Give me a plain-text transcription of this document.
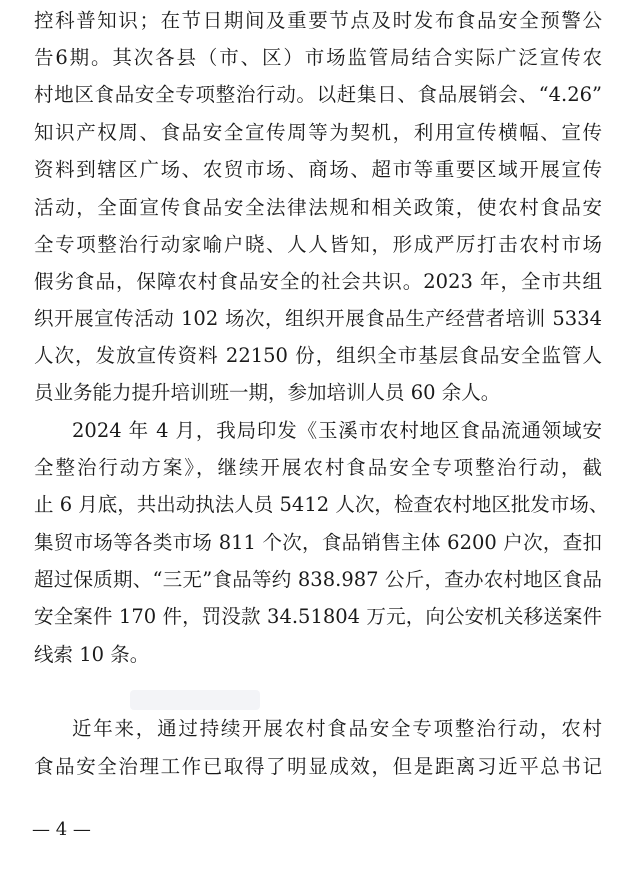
控科普知识；在节日期间及重要节点及时发布食品安全预警公
告6期。其次各县（市、区）市场监管局结合实际广泛宣传农
村地区食品安全专项整治行动。以赶集日、食品展销会、“4.26”
知识产权周、食品安全宣传周等为契机，利用宣传横幅、宣传
资料到辖区广场、农贸市场、商场、超市等重要区域开展宣传
活动，全面宣传食品安全法律法规和相关政策，使农村食品安
全专项整治行动家喻户晓、人人皆知，形成严厉打击农村市场
假劣食品，保障农村食品安全的社会共识。2023 年，全市共组
织开展宣传活动 102 场次，组织开展食品生产经营者培训 5334
人次，发放宣传资料 22150 份，组织全市基层食品安全监管人
员业务能力提升培训班一期，参加培训人员 60 余人。
2024 年 4 月，我局印发《玉溪市农村地区食品流通领域安
全整治行动方案》，继续开展农村食品安全专项整治行动，截
止 6 月底，共出动执法人员 5412 人次，检查农村地区批发市场、
集贸市场等各类市场 811 个次，食品销售主体 6200 户次，查扣
超过保质期、“三无”食品等约 838.987 公斤，查办农村地区食品
安全案件 170 件，罚没款 34.51804 万元，向公安机关移送案件
线索 10 条。
近年来，通过持续开展农村食品安全专项整治行动，农村
食品安全治理工作已取得了明显成效，但是距离习近平总书记
— 4 —
